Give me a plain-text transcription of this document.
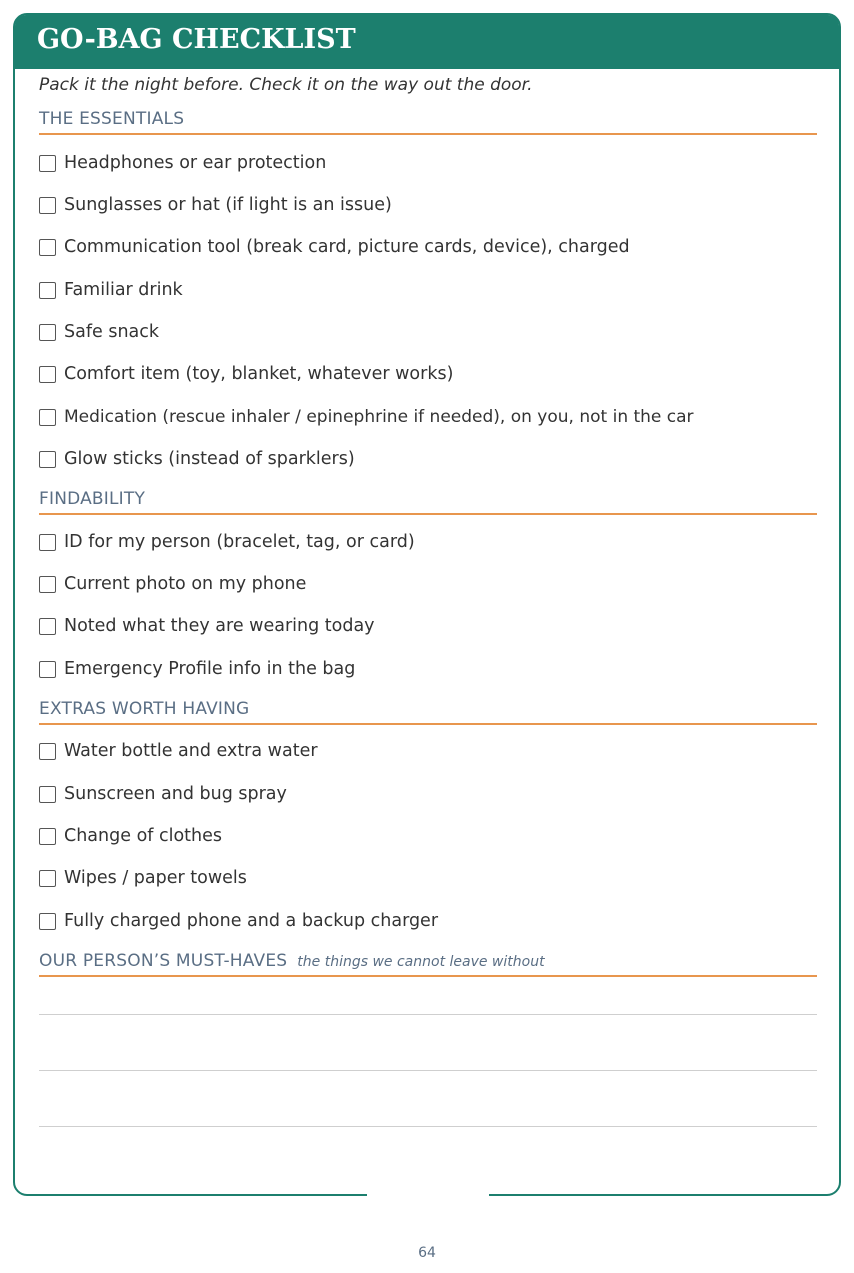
GO-BAG CHECKLIST
Pack it the night before. Check it on the way out the door.
THE ESSENTIALS
Headphones or ear protection
Sunglasses or hat (if light is an issue)
Communication tool (break card, picture cards, device), charged
Familiar drink
Safe snack
Comfort item (toy, blanket, whatever works)
Medication (rescue inhaler / epinephrine if needed), on you, not in the car
Glow sticks (instead of sparklers)
FINDABILITY
ID for my person (bracelet, tag, or card)
Current photo on my phone
Noted what they are wearing today
Emergency Profile info in the bag
EXTRAS WORTH HAVING
Water bottle and extra water
Sunscreen and bug spray
Change of clothes
Wipes / paper towels
Fully charged phone and a backup charger
OUR PERSON’S MUST-HAVES the things we cannot leave without
64
